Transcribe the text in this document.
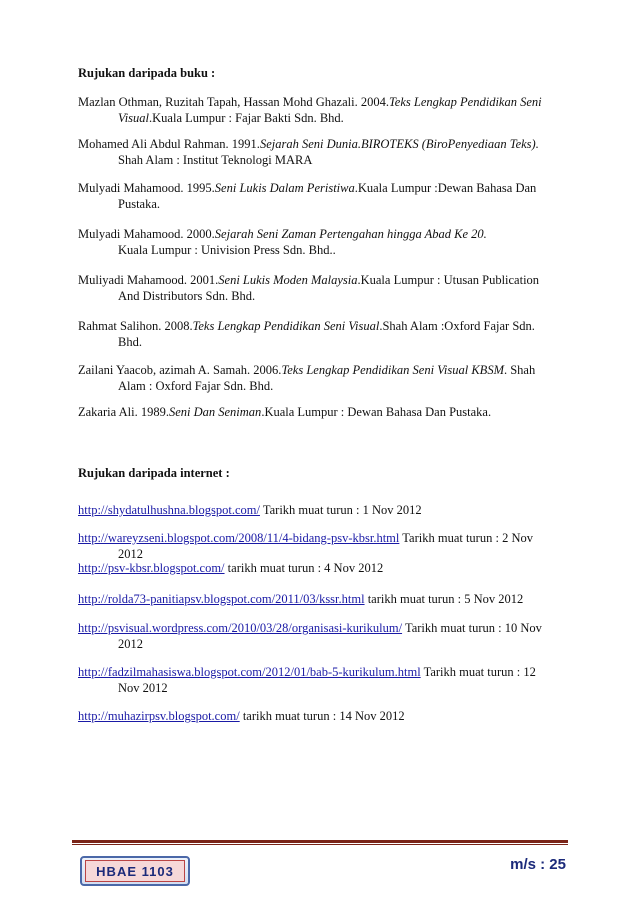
Rujukan daripada buku :
Mazlan Othman, Ruzitah Tapah, Hassan Mohd Ghazali. 2004.Teks Lengkap Pendidikan Seni
Visual.Kuala Lumpur : Fajar Bakti Sdn. Bhd.
Mohamed Ali Abdul Rahman. 1991.Sejarah Seni Dunia.BIROTEKS (BiroPenyediaan Teks).
Shah Alam : Institut Teknologi MARA
Mulyadi Mahamood. 1995.Seni Lukis Dalam Peristiwa.Kuala Lumpur :Dewan Bahasa Dan
Pustaka.
Mulyadi Mahamood. 2000.Sejarah Seni Zaman Pertengahan hingga Abad Ke 20.
Kuala Lumpur : Univision Press Sdn. Bhd..
Muliyadi Mahamood. 2001.Seni Lukis Moden Malaysia.Kuala Lumpur : Utusan Publication
And Distributors Sdn. Bhd.
Rahmat Salihon. 2008.Teks Lengkap Pendidikan Seni Visual.Shah Alam :Oxford Fajar Sdn.
Bhd.
Zailani Yaacob, azimah A. Samah. 2006.Teks Lengkap Pendidikan Seni Visual KBSM. Shah
Alam : Oxford Fajar Sdn. Bhd.
Zakaria Ali. 1989.Seni Dan Seniman.Kuala Lumpur : Dewan Bahasa Dan Pustaka.
Rujukan daripada internet :
http://shydatulhushna.blogspot.com/ Tarikh muat turun : 1 Nov 2012
http://wareyzseni.blogspot.com/2008/11/4-bidang-psv-kbsr.html Tarikh muat turun : 2 Nov
2012
http://psv-kbsr.blogspot.com/ tarikh muat turun : 4 Nov 2012
http://rolda73-panitiapsv.blogspot.com/2011/03/kssr.html tarikh muat turun : 5 Nov 2012
http://psvisual.wordpress.com/2010/03/28/organisasi-kurikulum/ Tarikh muat turun : 10 Nov
2012
http://fadzilmahasiswa.blogspot.com/2012/01/bab-5-kurikulum.html Tarikh muat turun : 12
Nov 2012
http://muhazirpsv.blogspot.com/ tarikh muat turun : 14 Nov 2012
HBAE 1103	m/s : 25
